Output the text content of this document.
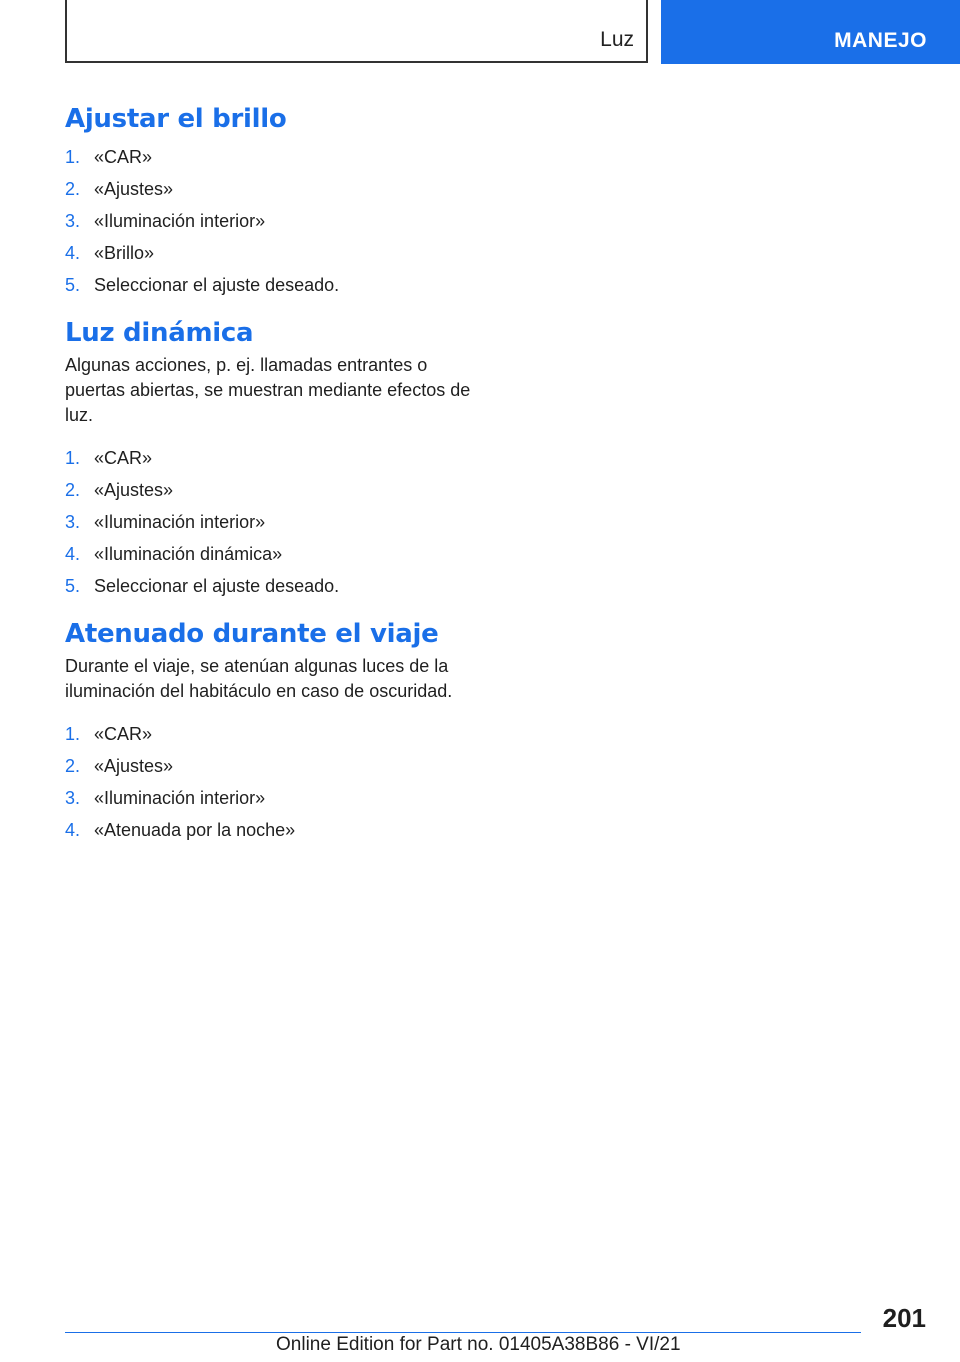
Luz	MANEJO
Ajustar el brillo
1. «CAR»
2. «Ajustes»
3. «Iluminación interior»
4. «Brillo»
5. Seleccionar el ajuste deseado.
Luz dinámica

Algunas acciones, p. ej. llamadas entrantes o puertas abiertas, se muestran mediante efectos de luz.

1. «CAR»
2. «Ajustes»
3. «Iluminación interior»
4. «Iluminación dinámica»
5. Seleccionar el ajuste deseado.
Atenuado durante el viaje

Durante el viaje, se atenúan algunas luces de la iluminación del habitáculo en caso de oscuridad.

1. «CAR»
2. «Ajustes»
3. «Iluminación interior»
4. «Atenuada por la noche»
201
Online Edition for Part no. 01405A38B86 - VI/21
